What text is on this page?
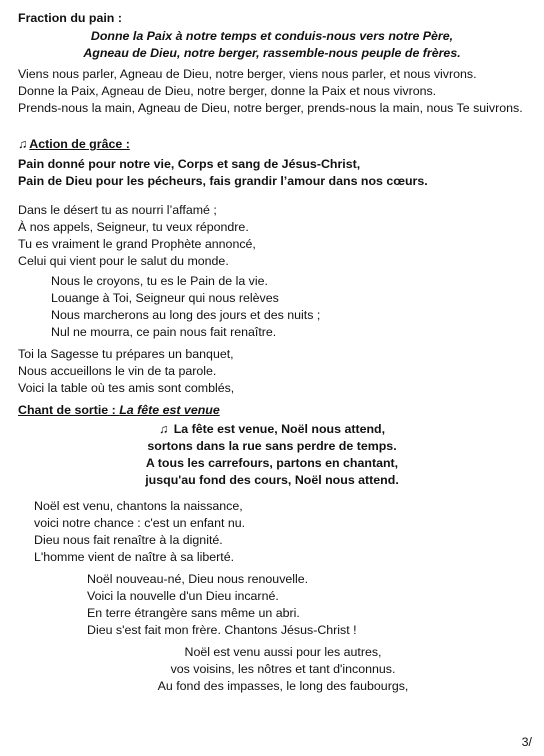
Fraction du pain :
Donne la Paix à notre temps et conduis-nous vers notre Père,
Agneau de Dieu, notre berger, rassemble-nous peuple de frères.
Viens nous parler, Agneau de Dieu, notre berger, viens nous parler, et nous vivrons.
Donne la Paix, Agneau de Dieu, notre berger, donne la Paix et nous vivrons.
Prends-nous la main, Agneau de Dieu, notre berger, prends-nous la main, nous Te suivrons.
♫ Action de grâce :
Pain donné pour notre vie, Corps et sang de Jésus-Christ,
Pain de Dieu pour les pécheurs, fais grandir l’amour dans nos cœurs.
Dans le désert tu as nourri l’affamé ;
À nos appels, Seigneur, tu veux répondre.
Tu es vraiment le grand Prophète annoncé,
Celui qui vient pour le salut du monde.
Nous le croyons, tu es le Pain de la vie.
Louange à Toi, Seigneur qui nous relèves
Nous marcherons au long des jours et des nuits ;
Nul ne mourra, ce pain nous fait renaître.
Toi la Sagesse tu prépares un banquet,
Nous accueillons le vin de ta parole.
Voici la table où tes amis sont comblés,
Chant de sortie : La fête est venue
♫ La fête est venue, Noël nous attend,
sortons dans la rue sans perdre de temps.
A tous les carrefours, partons en chantant,
jusqu'au fond des cours, Noël nous attend.
Noël est venu, chantons la naissance,
voici notre chance : c'est un enfant nu.
Dieu nous fait renaître à la dignité.
L'homme vient de naître à sa liberté.
Noël nouveau-né, Dieu nous renouvelle.
Voici la nouvelle d'un Dieu incarné.
En terre étrangère sans même un abri.
Dieu s'est fait mon frère. Chantons Jésus-Christ !
Noël est venu aussi pour les autres,
vos voisins, les nôtres et tant d'inconnus.
Au fond des impasses, le long des faubourgs,
3/
